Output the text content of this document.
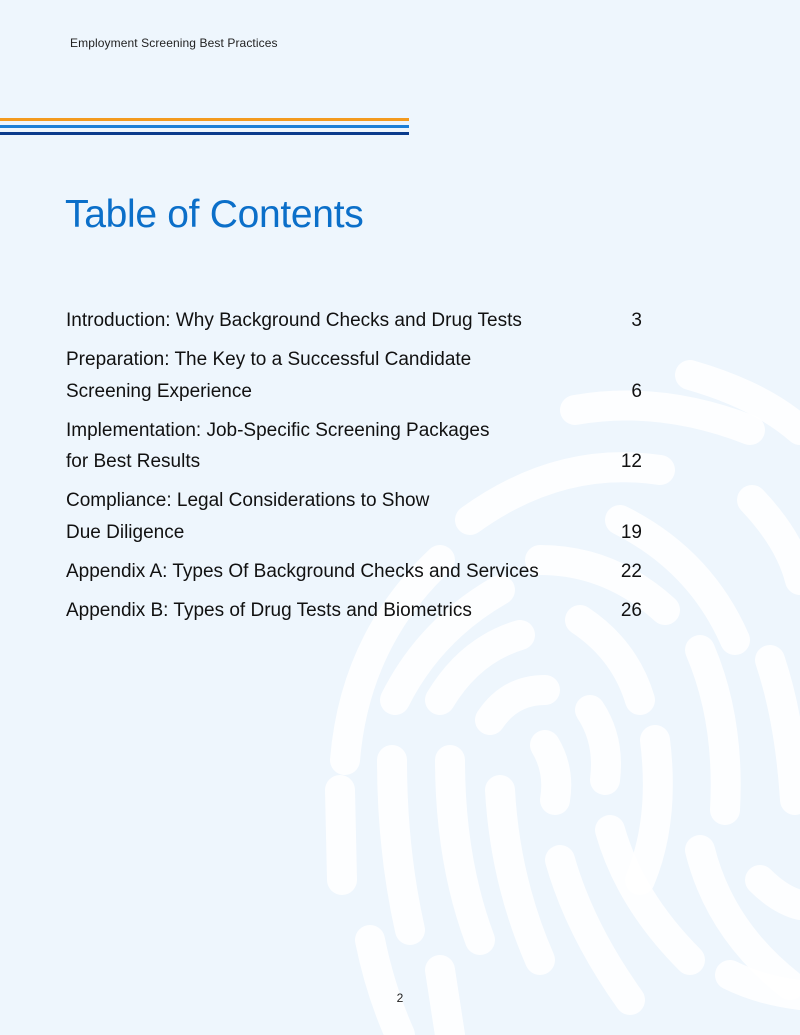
Employment Screening Best Practices
Table of Contents
Introduction: Why Background Checks and Drug Tests	3
Preparation: The Key to a Successful Candidate
Screening Experience	6
Implementation: Job-Specific Screening Packages
for Best Results	12
Compliance: Legal Considerations to Show
Due Diligence	19
Appendix A: Types Of Background Checks and Services	22
Appendix B: Types of Drug Tests and Biometrics	26
2
